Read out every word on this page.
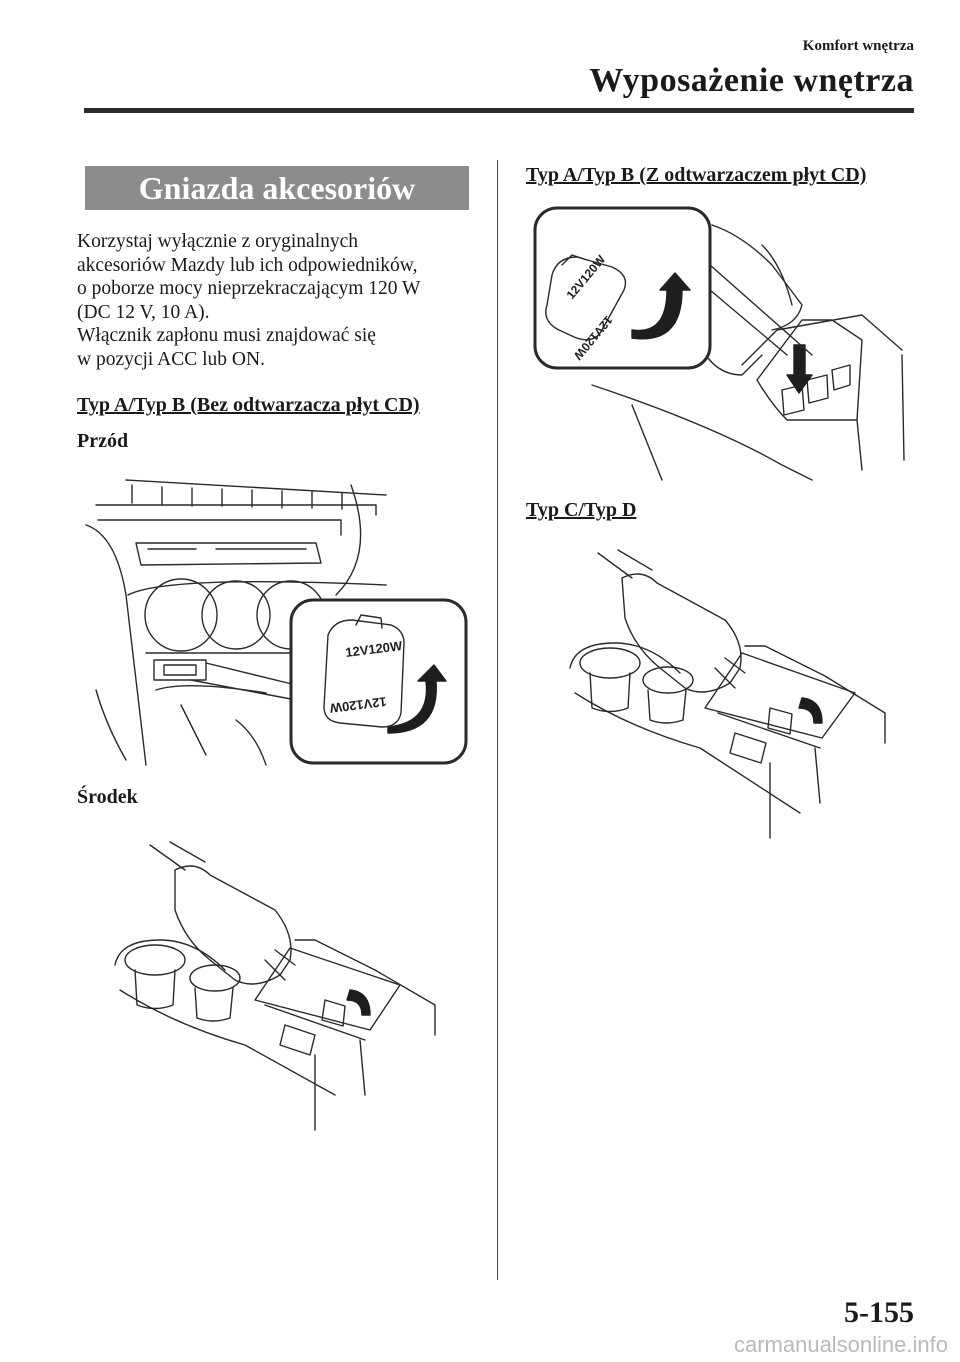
Komfort wnętrza
Wyposażenie wnętrza
Gniazda akcesoriów
Korzystaj wyłącznie z oryginalnych
akcesoriów Mazdy lub ich odpowiedników,
o poborze mocy nieprzekraczającym 120 W
(DC 12 V, 10 A).
Włącznik zapłonu musi znajdować się
w pozycji ACC lub ON.
Typ A/Typ B (Bez odtwarzacza płyt CD)
Przód
12V120W
12V120W
Środek
Typ A/Typ B (Z odtwarzaczem płyt CD)
12V120W
12V120W
Typ C/Typ D
5-155
carmanualsonline.info
